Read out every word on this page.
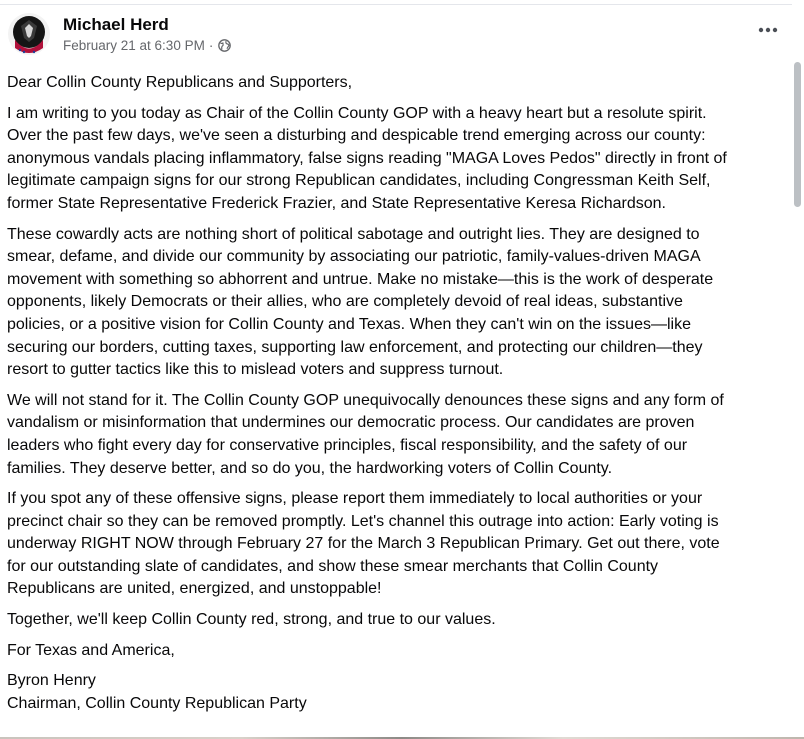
Michael Herd
February 21 at 6:30 PM ·

Dear Collin County Republicans and Supporters,

I am writing to you today as Chair of the Collin County GOP with a heavy heart but a resolute spirit.
Over the past few days, we've seen a disturbing and despicable trend emerging across our county:
anonymous vandals placing inflammatory, false signs reading "MAGA Loves Pedos" directly in front of
legitimate campaign signs for our strong Republican candidates, including Congressman Keith Self,
former State Representative Frederick Frazier, and State Representative Keresa Richardson.
These cowardly acts are nothing short of political sabotage and outright lies. They are designed to
smear, defame, and divide our community by associating our patriotic, family-values-driven MAGA
movement with something so abhorrent and untrue. Make no mistake—this is the work of desperate
opponents, likely Democrats or their allies, who are completely devoid of real ideas, substantive
policies, or a positive vision for Collin County and Texas. When they can't win on the issues—like
securing our borders, cutting taxes, supporting law enforcement, and protecting our children—they
resort to gutter tactics like this to mislead voters and suppress turnout.
We will not stand for it. The Collin County GOP unequivocally denounces these signs and any form of
vandalism or misinformation that undermines our democratic process. Our candidates are proven
leaders who fight every day for conservative principles, fiscal responsibility, and the safety of our
families. They deserve better, and so do you, the hardworking voters of Collin County.
If you spot any of these offensive signs, please report them immediately to local authorities or your
precinct chair so they can be removed promptly. Let's channel this outrage into action: Early voting is
underway RIGHT NOW through February 27 for the March 3 Republican Primary. Get out there, vote
for our outstanding slate of candidates, and show these smear merchants that Collin County
Republicans are united, energized, and unstoppable!

Together, we'll keep Collin County red, strong, and true to our values.

For Texas and America,

Byron Henry

Chairman, Collin County Republican Party
